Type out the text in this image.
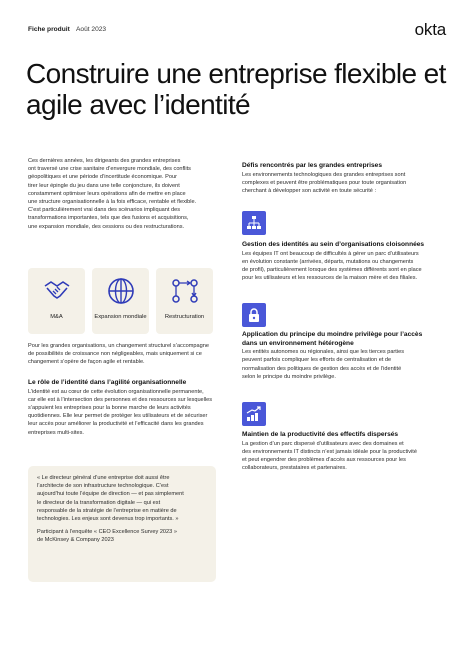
Fiche produit Août 2023	okta
Construire une entreprise flexible et agile avec l’identité
Ces dernières années, les dirigeants des grandes entreprises
ont traversé une crise sanitaire d’envergure mondiale, des conflits
géopolitiques et une période d’incertitude économique. Pour
tirer leur épingle du jeu dans une telle conjoncture, ils doivent
constamment optimiser leurs opérations afin de mettre en place
une structure organisationnelle à la fois efficace, rentable et flexible.
C’est particulièrement vrai dans des scénarios impliquant des
transformations importantes, tels que des fusions et acquisitions,
une expansion mondiale, des cessions ou des restructurations.
M&A	Expansion mondiale	Restructuration
Pour les grandes organisations, un changement structurel s’accompagne
de possibilités de croissance non négligeables, mais uniquement si ce
changement s’opère de façon agile et rentable.
Le rôle de l’identité dans l’agilité organisationnelle
L’identité est au cœur de cette évolution organisationnelle permanente,
car elle est à l’intersection des personnes et des ressources sur lesquelles
s’appuient les entreprises pour la bonne marche de leurs activités
quotidiennes. Elle leur permet de protéger les utilisateurs et de sécuriser
leur accès pour améliorer la productivité et l’efficacité dans les grandes
entreprises multi-sites.
« Le directeur général d’une entreprise doit aussi être
l’architecte de son infrastructure technologique. C’est
aujourd’hui toute l’équipe de direction — et pas simplement
le directeur de la transformation digitale — qui est
responsable de la stratégie de l’entreprise en matière de
technologies. Les enjeux sont devenus trop importants. »
Participant à l’enquête « CEO Excellence Survey 2023 »
de McKinsey & Company 2023
Défis rencontrés par les grandes entreprises
Les environnements technologiques des grandes entreprises sont
complexes et peuvent être problématiques pour toute organisation
cherchant à développer son activité en toute sécurité :
Gestion des identités au sein d’organisations cloisonnées
Les équipes IT ont beaucoup de difficultés à gérer un parc d’utilisateurs
en évolution constante (arrivées, départs, mutations ou changements
de profil), particulièrement lorsque des systèmes différents sont en place
pour les utilisateurs et les ressources de la maison mère et des filiales.
Application du principe du moindre privilège pour l’accès
dans un environnement hétérogène
Les entités autonomes ou régionales, ainsi que les tierces parties
peuvent parfois compliquer les efforts de centralisation et de
normalisation des politiques de gestion des accès et de l’identité
selon le principe du moindre privilège.
Maintien de la productivité des effectifs dispersés
La gestion d’un parc dispersé d’utilisateurs avec des domaines et
des environnements IT distincts n’est jamais idéale pour la productivité
et peut engendrer des problèmes d’accès aux ressources pour les
collaborateurs, prestataires et partenaires.
